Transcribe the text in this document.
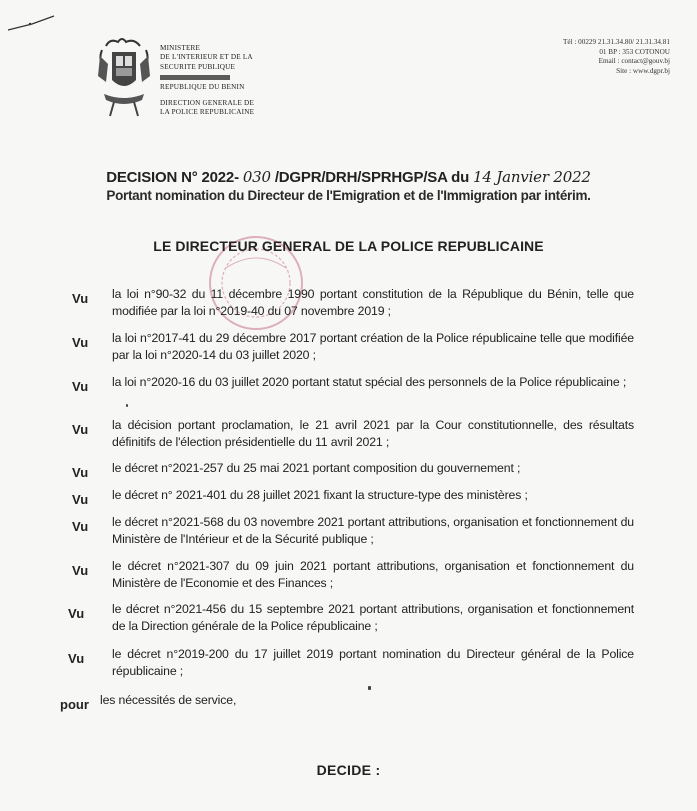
MINISTERE
DE L'INTERIEUR ET DE LA
SECURITE PUBLIQUE
REPUBLIQUE DU BENIN
DIRECTION GENERALE DE
LA POLICE REPUBLICAINE
Tél : 00229 21.31.34.80/ 21.31.34.81
01 BP : 353 COTONOU
Email : contact@gouv.bj
Site : www.dgpr.bj
DECISION N° 2022- 030 /DGPR/DRH/SPRHGP/SA du 14 Janvier 2022
Portant nomination du Directeur de l'Emigration et de l'Immigration par intérim.
LE DIRECTEUR GENERAL DE LA POLICE REPUBLICAINE
Vu	la loi n°90-32 du 11 décembre 1990 portant constitution de la République du Bénin, telle que modifiée par la loi n°2019-40 du 07 novembre 2019 ;
Vu	la loi n°2017-41 du 29 décembre 2017 portant création de la Police républicaine telle que modifiée par la loi n°2020-14 du 03 juillet 2020 ;
Vu	la loi n°2020-16 du 03 juillet 2020 portant statut spécial des personnels de la Police républicaine ;
Vu	la décision portant proclamation, le 21 avril 2021 par la Cour constitutionnelle, des résultats définitifs de l'élection présidentielle du 11 avril 2021 ;
Vu	le décret n°2021-257 du 25 mai 2021 portant composition du gouvernement ;
Vu	le décret n° 2021-401 du 28 juillet 2021 fixant la structure-type des ministères ;
Vu	le décret n°2021-568 du 03 novembre 2021 portant attributions, organisation et fonctionnement du Ministère de l'Intérieur et de la Sécurité publique ;
Vu	le décret n°2021-307 du 09 juin 2021 portant attributions, organisation et fonctionnement du Ministère de l'Economie et des Finances ;
Vu	le décret n°2021-456 du 15 septembre 2021 portant attributions, organisation et fonctionnement de la Direction générale de la Police républicaine ;
Vu	le décret n°2019-200 du 17 juillet 2019 portant nomination du Directeur général de la Police républicaine ;
pour les nécessités de service,
DECIDE :
